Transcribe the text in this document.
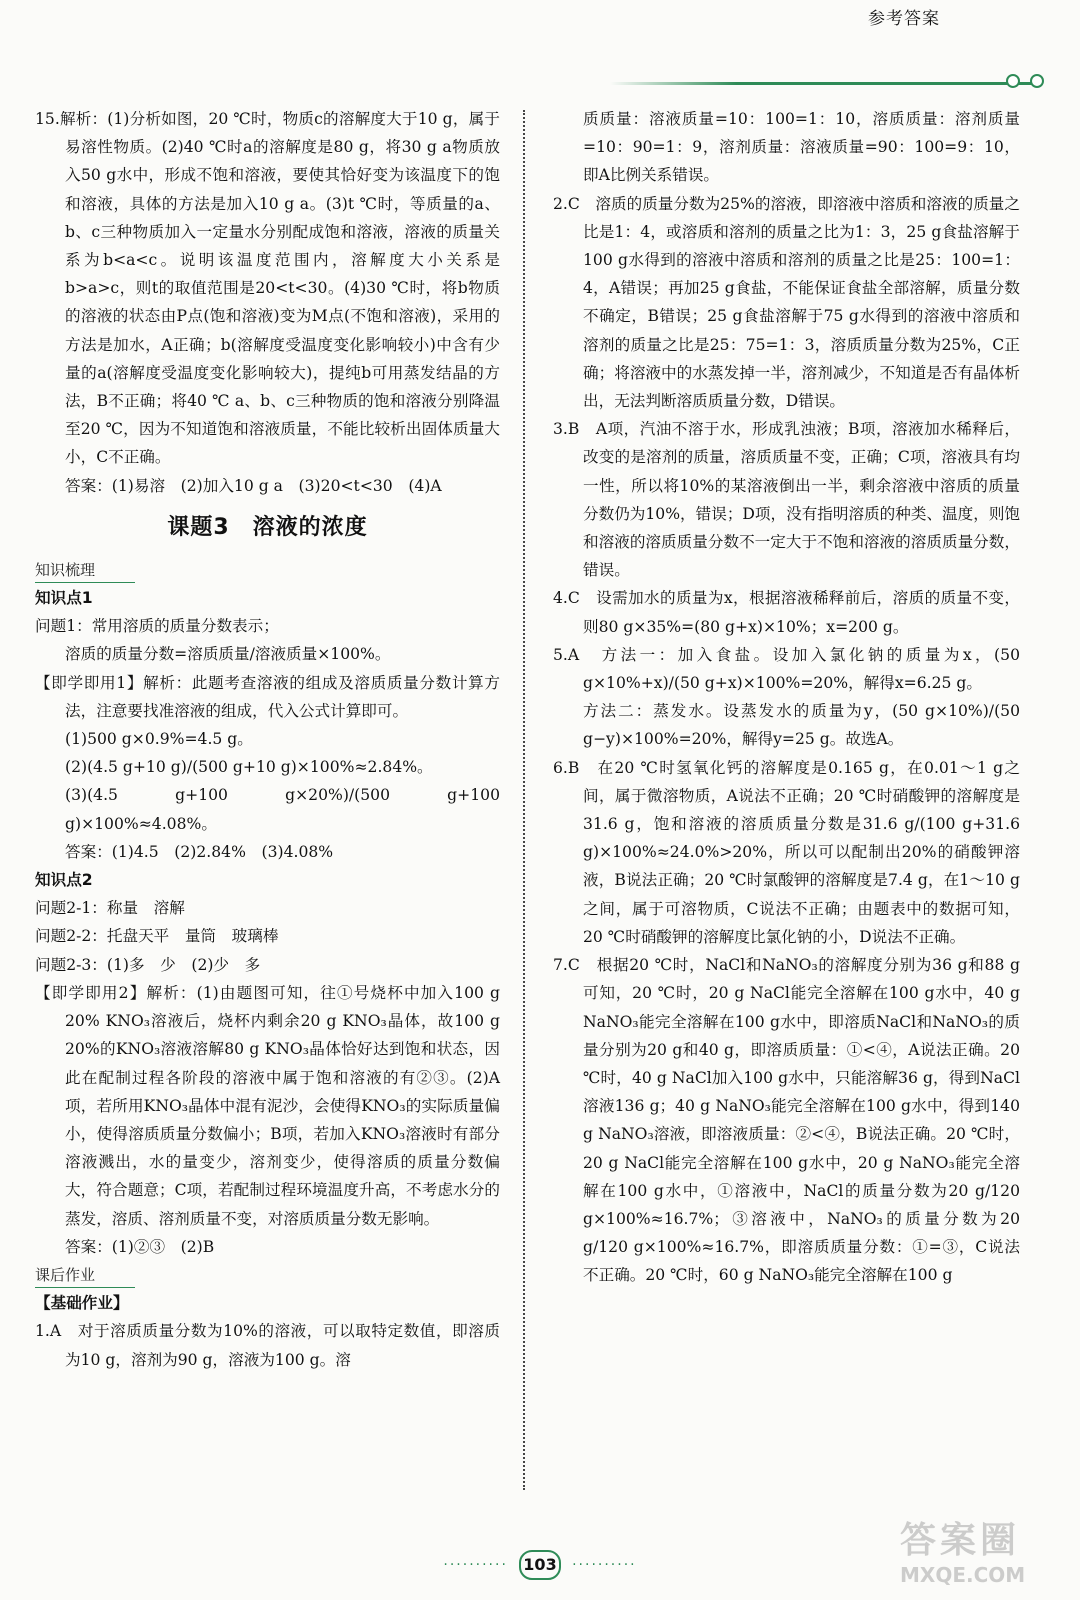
参考答案

15.解析：(1)分析如图，20 ℃时，物质c的溶解度大于10 g，属于易溶性物质。(2)40 ℃时a的溶解度是80 g，将30 g a物质放入50 g水中，形成不饱和溶液，要使其恰好变为该温度下的饱和溶液，具体的方法是加入10 g a。(3)t ℃时，等质量的a、b、c三种物质加入一定量水分别配成饱和溶液，溶液的质量关系为b<a<c。说明该温度范围内，溶解度大小关系是b>a>c，则t的取值范围是20<t<30。(4)30 ℃时，将b物质的溶液的状态由P点(饱和溶液)变为M点(不饱和溶液)，采用的方法是加水，A正确；b(溶解度受温度变化影响较小)中含有少量的a(溶解度受温度变化影响较大)，提纯b可用蒸发结晶的方法，B不正确；将40 ℃ a、b、c三种物质的饱和溶液分别降温至20 ℃，因为不知道饱和溶液质量，不能比较析出固体质量大小，C不正确。

答案：(1)易溶　(2)加入10 g a　(3)20<t<30　(4)A

课题3　溶液的浓度
知识梳理

知识点1

问题1：常用溶质的质量分数表示；

溶质的质量分数=溶质质量/溶液质量×100%。

【即学即用1】解析：此题考查溶液的组成及溶质质量分数计算方法，注意要找准溶液的组成，代入公式计算即可。

(1)500 g×0.9%=4.5 g。

(2)(4.5 g+10 g)/(500 g+10 g)×100%≈2.84%。

(3)(4.5 g+100 g×20%)/(500 g+100 g)×100%≈4.08%。

答案：(1)4.5　(2)2.84%　(3)4.08%

知识点2

问题2-1：称量　溶解

问题2-2：托盘天平　量筒　玻璃棒

问题2-3：(1)多　少　(2)少　多

【即学即用2】解析：(1)由题图可知，往①号烧杯中加入100 g 20% KNO₃溶液后，烧杯内剩余20 g KNO₃晶体，故100 g 20%的KNO₃溶液溶解80 g KNO₃晶体恰好达到饱和状态，因此在配制过程各阶段的溶液中属于饱和溶液的有②③。(2)A项，若所用KNO₃晶体中混有泥沙，会使得KNO₃的实际质量偏小，使得溶质质量分数偏小；B项，若加入KNO₃溶液时有部分溶液溅出，水的量变少，溶剂变少，使得溶质的质量分数偏大，符合题意；C项，若配制过程环境温度升高，不考虑水分的蒸发，溶质、溶剂质量不变，对溶质质量分数无影响。

答案：(1)②③　(2)B

课后作业

【基础作业】

1.A　对于溶质质量分数为10%的溶液，可以取特定数值，即溶质为10 g，溶剂为90 g，溶液为100 g。溶

质质量：溶液质量=10：100=1：10，溶质质量：溶剂质量=10：90=1：9，溶剂质量：溶液质量=90：100=9：10，即A比例关系错误。

2.C　溶质的质量分数为25%的溶液，即溶液中溶质和溶液的质量之比是1：4，或溶质和溶剂的质量之比为1：3，25 g食盐溶解于100 g水得到的溶液中溶质和溶剂的质量之比是25：100=1：4，A错误；再加25 g食盐，不能保证食盐全部溶解，质量分数不确定，B错误；25 g食盐溶解于75 g水得到的溶液中溶质和溶剂的质量之比是25：75=1：3，溶质质量分数为25%，C正确；将溶液中的水蒸发掉一半，溶剂减少，不知道是否有晶体析出，无法判断溶质质量分数，D错误。

3.B　A项，汽油不溶于水，形成乳浊液；B项，溶液加水稀释后，改变的是溶剂的质量，溶质质量不变，正确；C项，溶液具有均一性，所以将10%的某溶液倒出一半，剩余溶液中溶质的质量分数仍为10%，错误；D项，没有指明溶质的种类、温度，则饱和溶液的溶质质量分数不一定大于不饱和溶液的溶质质量分数，错误。

4.C　设需加水的质量为x，根据溶液稀释前后，溶质的质量不变，则80 g×35%=(80 g+x)×10%；x=200 g。

5.A　方法一：加入食盐。设加入氯化钠的质量为x，(50 g×10%+x)/(50 g+x)×100%=20%，解得x=6.25 g。

方法二：蒸发水。设蒸发水的质量为y，(50 g×10%)/(50 g−y)×100%=20%，解得y=25 g。故选A。

6.B　在20 ℃时氢氧化钙的溶解度是0.165 g，在0.01～1 g之间，属于微溶物质，A说法不正确；20 ℃时硝酸钾的溶解度是31.6 g，饱和溶液的溶质质量分数是31.6 g/(100 g+31.6 g)×100%≈24.0%>20%，所以可以配制出20%的硝酸钾溶液，B说法正确；20 ℃时氯酸钾的溶解度是7.4 g，在1～10 g之间，属于可溶物质，C说法不正确；由题表中的数据可知，20 ℃时硝酸钾的溶解度比氯化钠的小，D说法不正确。

7.C　根据20 ℃时，NaCl和NaNO₃的溶解度分别为36 g和88 g可知，20 ℃时，20 g NaCl能完全溶解在100 g水中，40 g NaNO₃能完全溶解在100 g水中，即溶质NaCl和NaNO₃的质量分别为20 g和40 g，即溶质质量：①<④，A说法正确。20 ℃时，40 g NaCl加入100 g水中，只能溶解36 g，得到NaCl溶液136 g；40 g NaNO₃能完全溶解在100 g水中，得到140 g NaNO₃溶液，即溶液质量：②<④，B说法正确。20 ℃时，20 g NaCl能完全溶解在100 g水中，20 g NaNO₃能完全溶解在100 g水中，①溶液中，NaCl的质量分数为20 g/120 g×100%≈16.7%；③溶液中，NaNO₃的质量分数为20 g/120 g×100%≈16.7%，即溶质质量分数：①=③，C说法不正确。20 ℃时，60 g NaNO₃能完全溶解在100 g

·········· 103 ··········
答案圈
MXQE.COM
